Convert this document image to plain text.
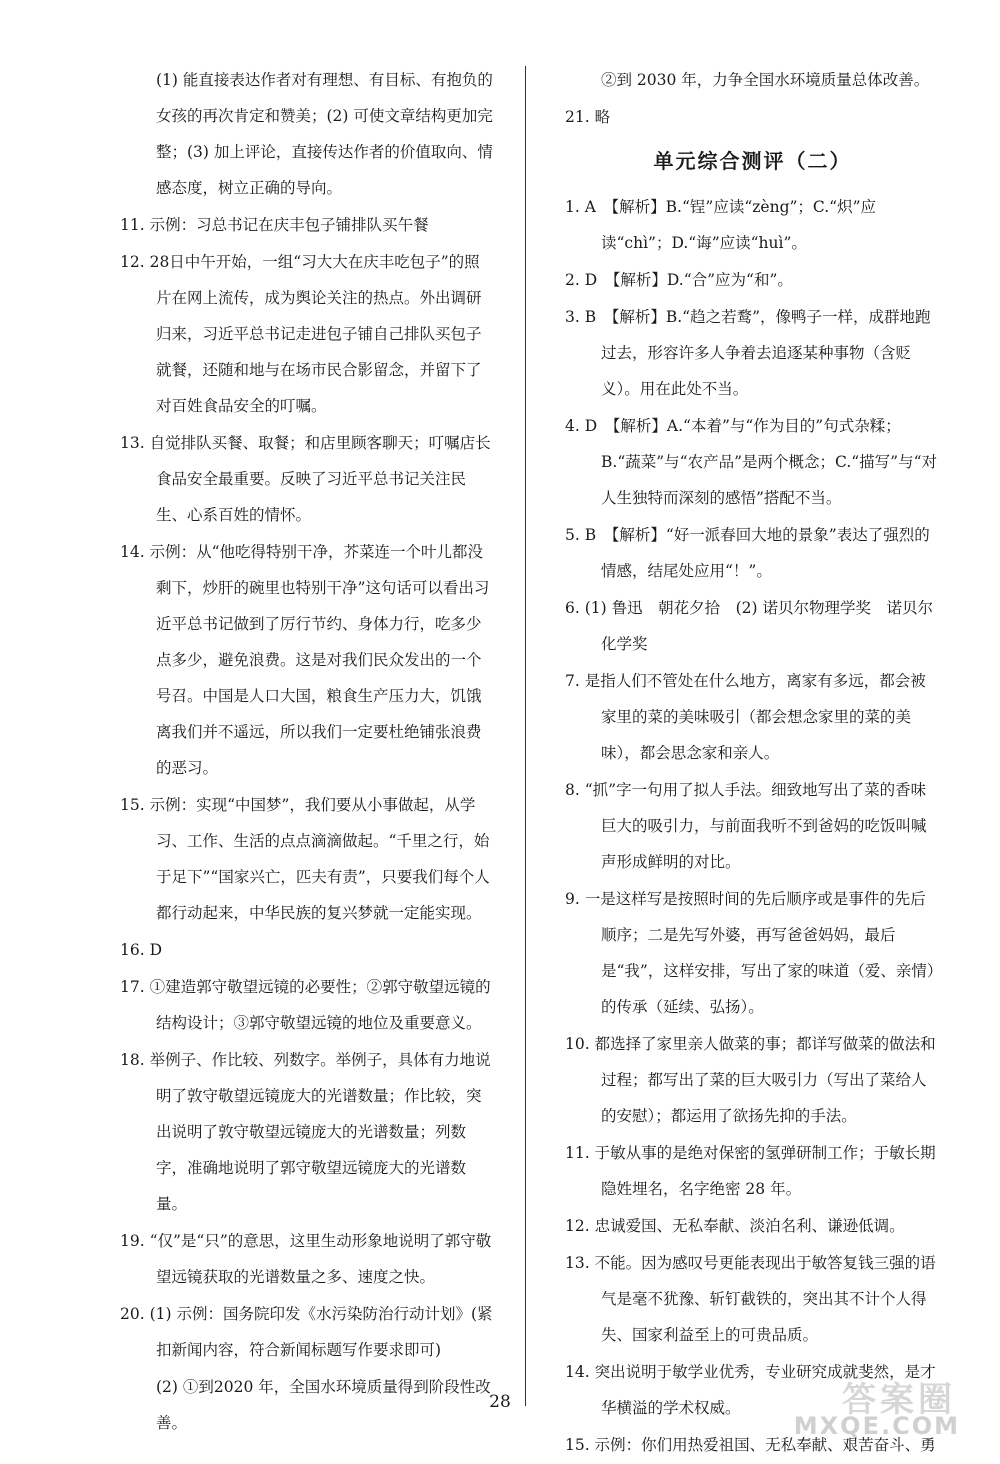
(1) 能直接表达作者对有理想、有目标、有抱负的女孩的再次肯定和赞美；(2) 可使文章结构更加完整；(3) 加上评论，直接传达作者的价值取向、情感态度，树立正确的导向。

11. 示例：习总书记在庆丰包子铺排队买午餐

12. 28日中午开始，一组“习大大在庆丰吃包子”的照片在网上流传，成为舆论关注的热点。外出调研归来，习近平总书记走进包子铺自己排队买包子就餐，还随和地与在场市民合影留念，并留下了对百姓食品安全的叮嘱。

13. 自觉排队买餐、取餐；和店里顾客聊天；叮嘱店长食品安全最重要。反映了习近平总书记关注民生、心系百姓的情怀。

14. 示例：从“他吃得特别干净，芥菜连一个叶儿都没剩下，炒肝的碗里也特别干净”这句话可以看出习近平总书记做到了厉行节约、身体力行，吃多少点多少，避免浪费。这是对我们民众发出的一个号召。中国是人口大国，粮食生产压力大，饥饿离我们并不遥远，所以我们一定要杜绝铺张浪费的恶习。

15. 示例：实现“中国梦”，我们要从小事做起，从学习、工作、生活的点点滴滴做起。“千里之行，始于足下”“国家兴亡，匹夫有责”，只要我们每个人都行动起来，中华民族的复兴梦就一定能实现。

16. D

17. ①建造郭守敬望远镜的必要性；②郭守敬望远镜的结构设计；③郭守敬望远镜的地位及重要意义。

18. 举例子、作比较、列数字。举例子，具体有力地说明了敦守敬望远镜庞大的光谱数量；作比较，突出说明了敦守敬望远镜庞大的光谱数量；列数字，准确地说明了郭守敬望远镜庞大的光谱数量。

19. “仅”是“只”的意思，这里生动形象地说明了郭守敬望远镜获取的光谱数量之多、速度之快。

20. (1) 示例：国务院印发《水污染防治行动计划》(紧扣新闻内容，符合新闻标题写作要求即可)

(2) ①到2020 年，全国水环境质量得到阶段性改善。

②到 2030 年，力争全国水环境质量总体改善。

21. 略

单元综合测评（二）

1. A　【解析】B.“锃”应读“zèng”；C.“炽”应读“chì”；D.“诲”应读“huì”。

2. D　【解析】D.“合”应为“和”。

3. B　【解析】B.“趋之若鹜”，像鸭子一样，成群地跑过去，形容许多人争着去追逐某种事物（含贬义）。用在此处不当。

4. D　【解析】A.“本着”与“作为目的”句式杂糅；B.“蔬菜”与“农产品”是两个概念；C.“描写”与“对人生独特而深刻的感悟”搭配不当。

5. B　【解析】“好一派春回大地的景象”表达了强烈的情感，结尾处应用“！”。

6. (1) 鲁迅　朝花夕拾　(2) 诺贝尔物理学奖　诺贝尔化学奖

7. 是指人们不管处在什么地方，离家有多远，都会被家里的菜的美味吸引（都会想念家里的菜的美味），都会思念家和亲人。

8. “抓”字一句用了拟人手法。细致地写出了菜的香味巨大的吸引力，与前面我听不到爸妈的吃饭叫喊声形成鲜明的对比。

9. 一是这样写是按照时间的先后顺序或是事件的先后顺序；二是先写外婆，再写爸爸妈妈，最后是“我”，这样安排，写出了家的味道（爱、亲情）的传承（延续、弘扬）。

10. 都选择了家里亲人做菜的事；都详写做菜的做法和过程；都写出了菜的巨大吸引力（写出了菜给人的安慰）；都运用了欲扬先抑的手法。

11. 于敏从事的是绝对保密的氢弹研制工作；于敏长期隐姓埋名，名字绝密 28 年。

12. 忠诚爱国、无私奉献、淡泊名利、谦逊低调。

13. 不能。因为感叹号更能表现出于敏答复钱三强的语气是毫不犹豫、斩钉截铁的，突出其不计个人得失、国家利益至上的可贵品质。

14. 突出说明于敏学业优秀，专业研究成就斐然，是才华横溢的学术权威。

15. 示例：你们用热爱祖国、无私奉献、艰苦奋斗、勇

28	答案圈
MXQE.COM
